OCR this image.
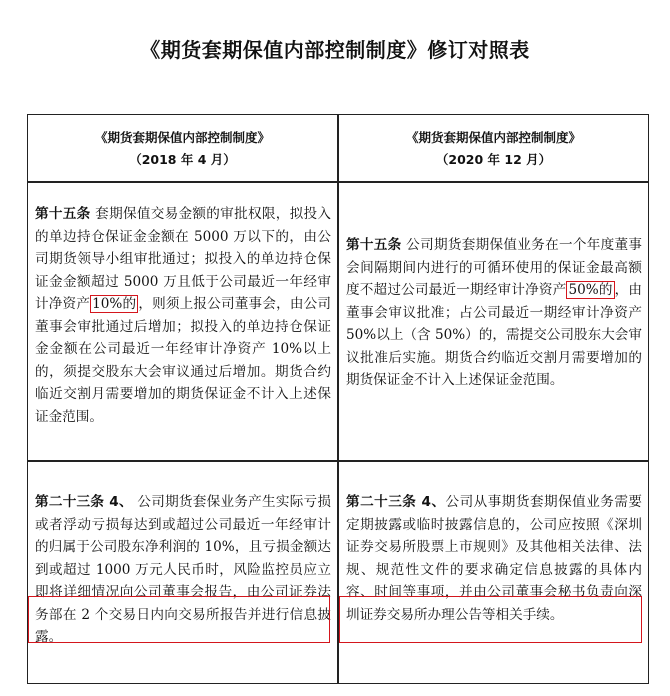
《期货套期保值内部控制制度》修订对照表
《期货套期保值内部控制制度》
（2018 年 4 月）
《期货套期保值内部控制制度》
（2020 年 12 月）
第十五条 套期保值交易金额的审批权限，拟投入的单边持仓保证金金额在 5000 万以下的，由公司期货领导小组审批通过；拟投入的单边持仓保证金金额超过 5000 万且低于公司最近一年经审计净资产 10%的 ，则须上报公司董事会，由公司董事会审批通过后增加；拟投入的单边持仓保证金金额在公司最近一年经审计净资产 10%以上的，须提交股东大会审议通过后增加。期货合约临近交割月需要增加的期货保证金不计入上述保证金范围。
第十五条 公司期货套期保值业务在一个年度董事会间隔期间内进行的可循环使用的保证金最高额度不超过公司最近一期经审计净资产 50%的 ，由董事会审议批准；占公司最近一期经审计净资产 50%以上（含 50%）的，需提交公司股东大会审议批准后实施。期货合约临近交割月需要增加的期货保证金不计入上述保证金范围。
第二十三条 4、 公司期货套保业务产生实际亏损或者浮动亏损每达到或超过公司最近一年经审计的归属于公司股东净利润的 10%，且亏损金额达到或超过 1000 万元人民币时，风险监控员应立即将详细情况向公司董事会报告，由公司证券法务部在 2 个交易日内向交易所报告并进行信息披露。
第二十三条 4、公司从事期货套期保值业务需要定期披露或临时披露信息的，公司应按照《深圳证券交易所股票上市规则》及其他相关法律、法规、规范性文件的要求确定信息披露的具体内容、时间等事项，并由公司董事会秘书负责向深圳证券交易所办理公告等相关手续。
